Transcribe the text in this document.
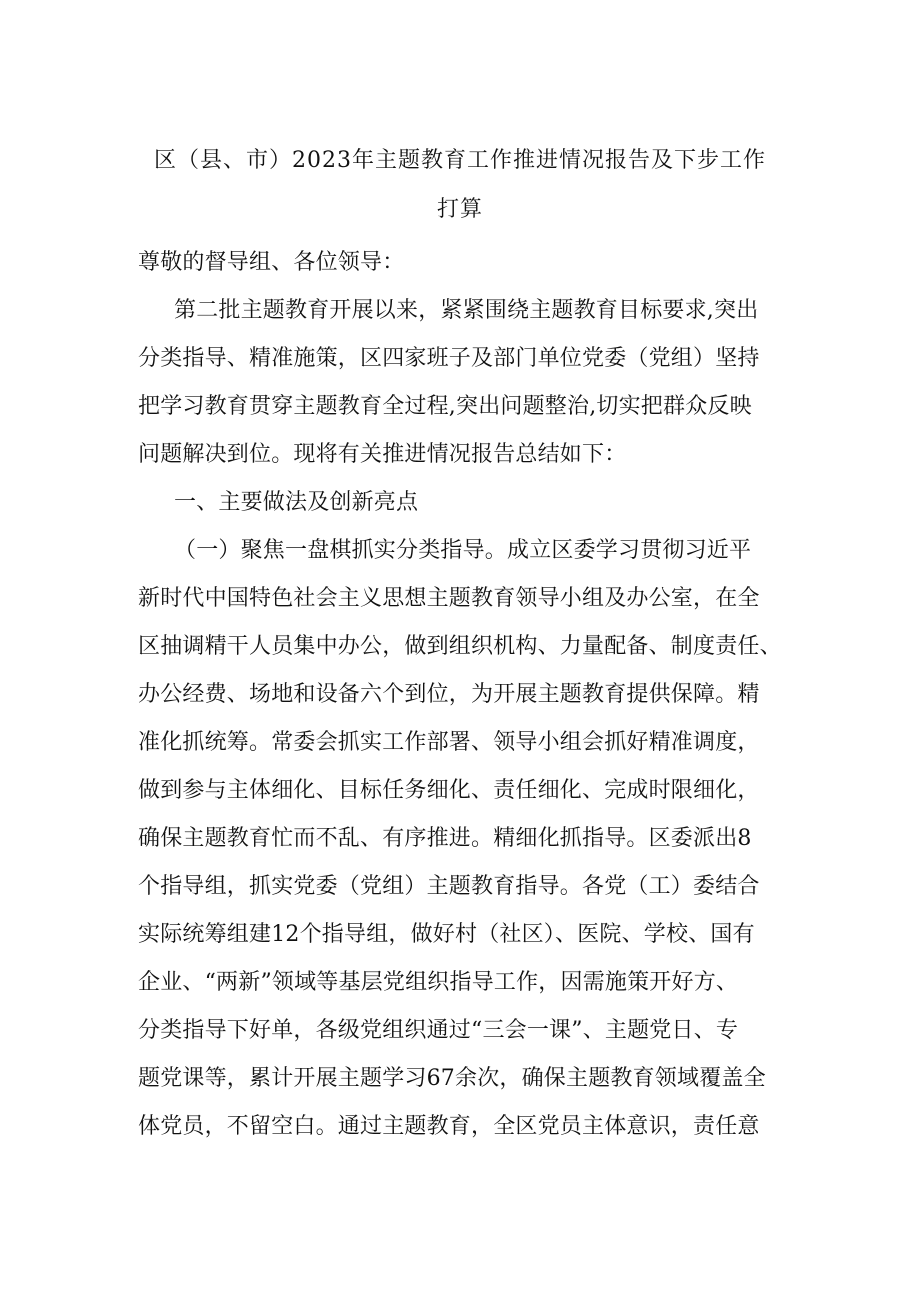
区（县、市）2023年主题教育工作推进情况报告及下步工作
打算
尊敬的督导组、各位领导：
第二批主题教育开展以来，紧紧围绕主题教育目标要求,突出
分类指导、精准施策，区四家班子及部门单位党委（党组）坚持
把学习教育贯穿主题教育全过程,突出问题整治,切实把群众反映
问题解决到位。现将有关推进情况报告总结如下：
一、主要做法及创新亮点
（一）聚焦一盘棋抓实分类指导。成立区委学习贯彻习近平
新时代中国特色社会主义思想主题教育领导小组及办公室，在全
区抽调精干人员集中办公，做到组织机构、力量配备、制度责任、
办公经费、场地和设备六个到位，为开展主题教育提供保障。精
准化抓统筹。常委会抓实工作部署、领导小组会抓好精准调度，
做到参与主体细化、目标任务细化、责任细化、完成时限细化，
确保主题教育忙而不乱、有序推进。精细化抓指导。区委派出8
个指导组，抓实党委（党组）主题教育指导。各党（工）委结合
实际统筹组建12个指导组，做好村（社区）、医院、学校、国有
企业、“两新”领域等基层党组织指导工作，因需施策开好方、
分类指导下好单，各级党组织通过“三会一课”、主题党日、专
题党课等，累计开展主题学习67余次，确保主题教育领域覆盖全
体党员，不留空白。通过主题教育，全区党员主体意识，责任意
